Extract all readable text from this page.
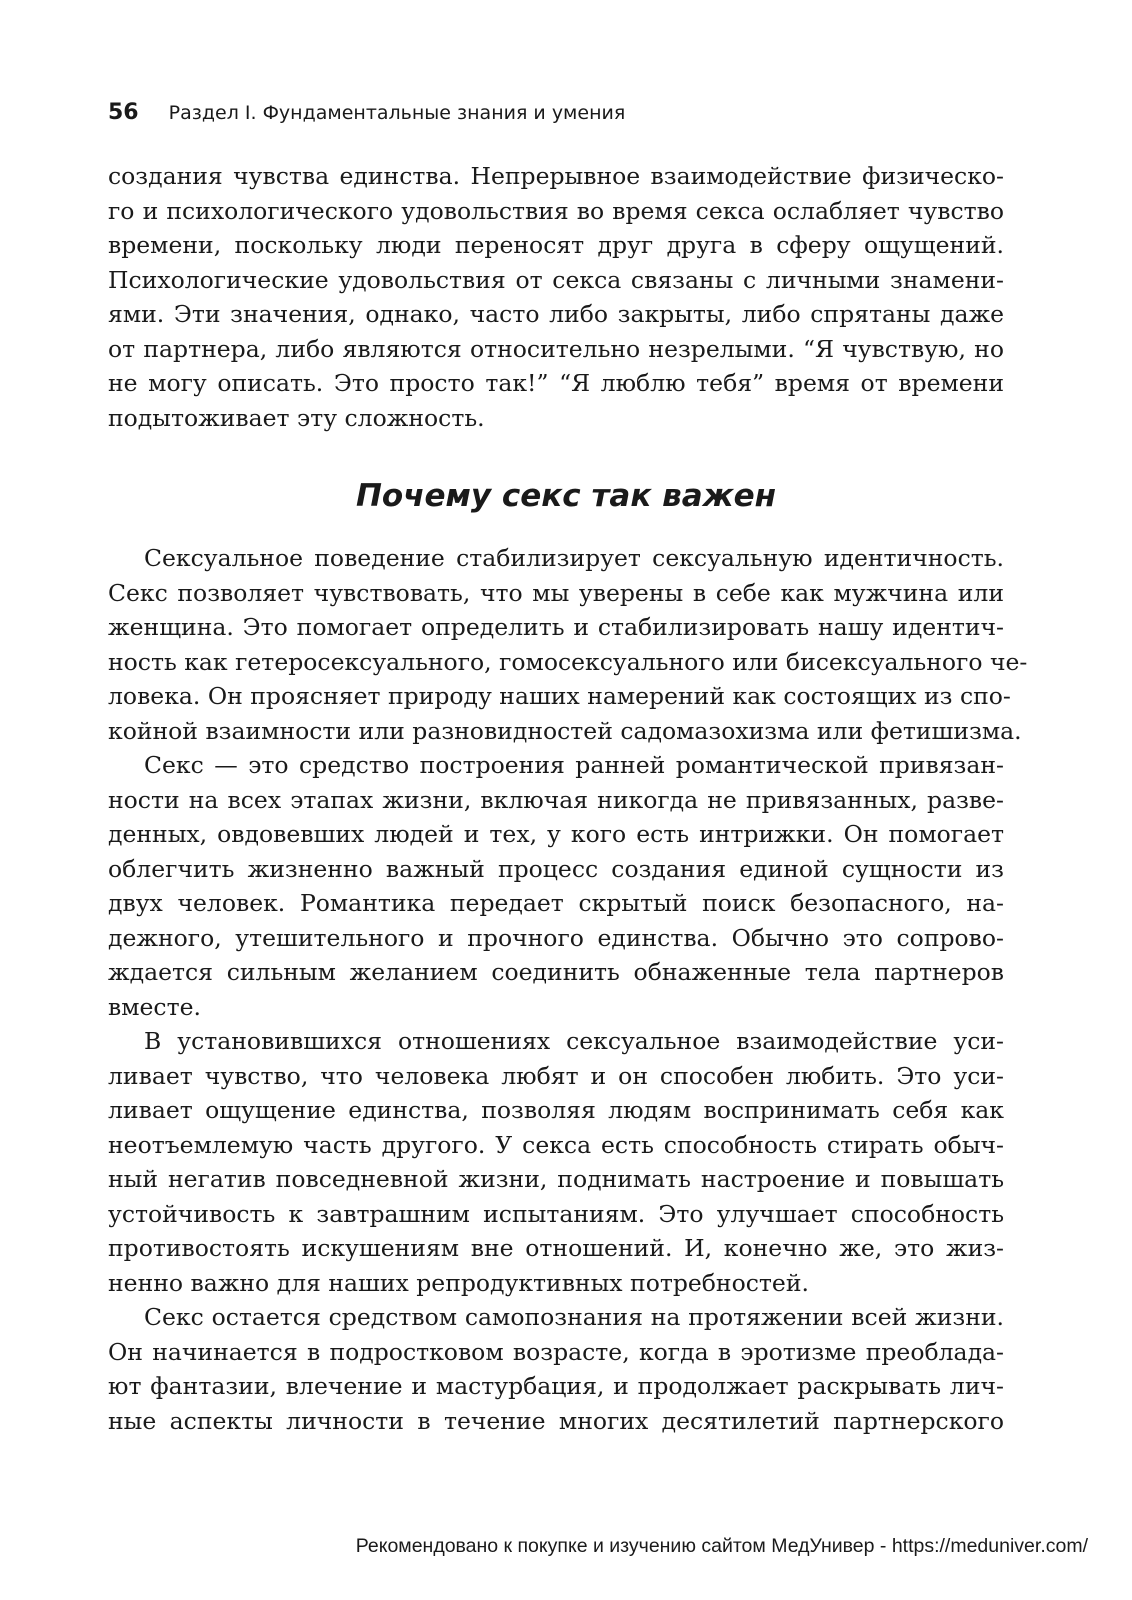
56 Раздел I. Фундаментальные знания и умения
создания чувства единства. Непрерывное взаимодействие физическо-
го и психологического удовольствия во время секса ослабляет чувство
времени, поскольку люди переносят друг друга в сферу ощущений.
Психологические удовольствия от секса связаны с личными знамени-
ями. Эти значения, однако, часто либо закрыты, либо спрятаны даже
от партнера, либо являются относительно незрелыми. “Я чувствую, но
не могу описать. Это просто так!” “Я люблю тебя” время от времени
подытоживает эту сложность.
Почему секс так важен
Сексуальное поведение стабилизирует сексуальную идентичность.
Секс позволяет чувствовать, что мы уверены в себе как мужчина или
женщина. Это помогает определить и стабилизировать нашу идентич-
ность как гетеросексуального, гомосексуального или бисексуального че-
ловека. Он проясняет природу наших намерений как состоящих из спо-
койной взаимности или разновидностей садомазохизма или фетишизма.
Секс — это средство построения ранней романтической привязан-
ности на всех этапах жизни, включая никогда не привязанных, разве-
денных, овдовевших людей и тех, у кого есть интрижки. Он помогает
облегчить жизненно важный процесс создания единой сущности из
двух человек. Романтика передает скрытый поиск безопасного, на-
дежного, утешительного и прочного единства. Обычно это сопрово-
ждается сильным желанием соединить обнаженные тела партнеров
вместе.
В установившихся отношениях сексуальное взаимодействие уси-
ливает чувство, что человека любят и он способен любить. Это уси-
ливает ощущение единства, позволяя людям воспринимать себя как
неотъемлемую часть другого. У секса есть способность стирать обыч-
ный негатив повседневной жизни, поднимать настроение и повышать
устойчивость к завтрашним испытаниям. Это улучшает способность
противостоять искушениям вне отношений. И, конечно же, это жиз-
ненно важно для наших репродуктивных потребностей.
Секс остается средством самопознания на протяжении всей жизни.
Он начинается в подростковом возрасте, когда в эротизме преоблада-
ют фантазии, влечение и мастурбация, и продолжает раскрывать лич-
ные аспекты личности в течение многих десятилетий партнерского
Рекомендовано к покупке и изучению сайтом МедУнивер - https://meduniver.com/
